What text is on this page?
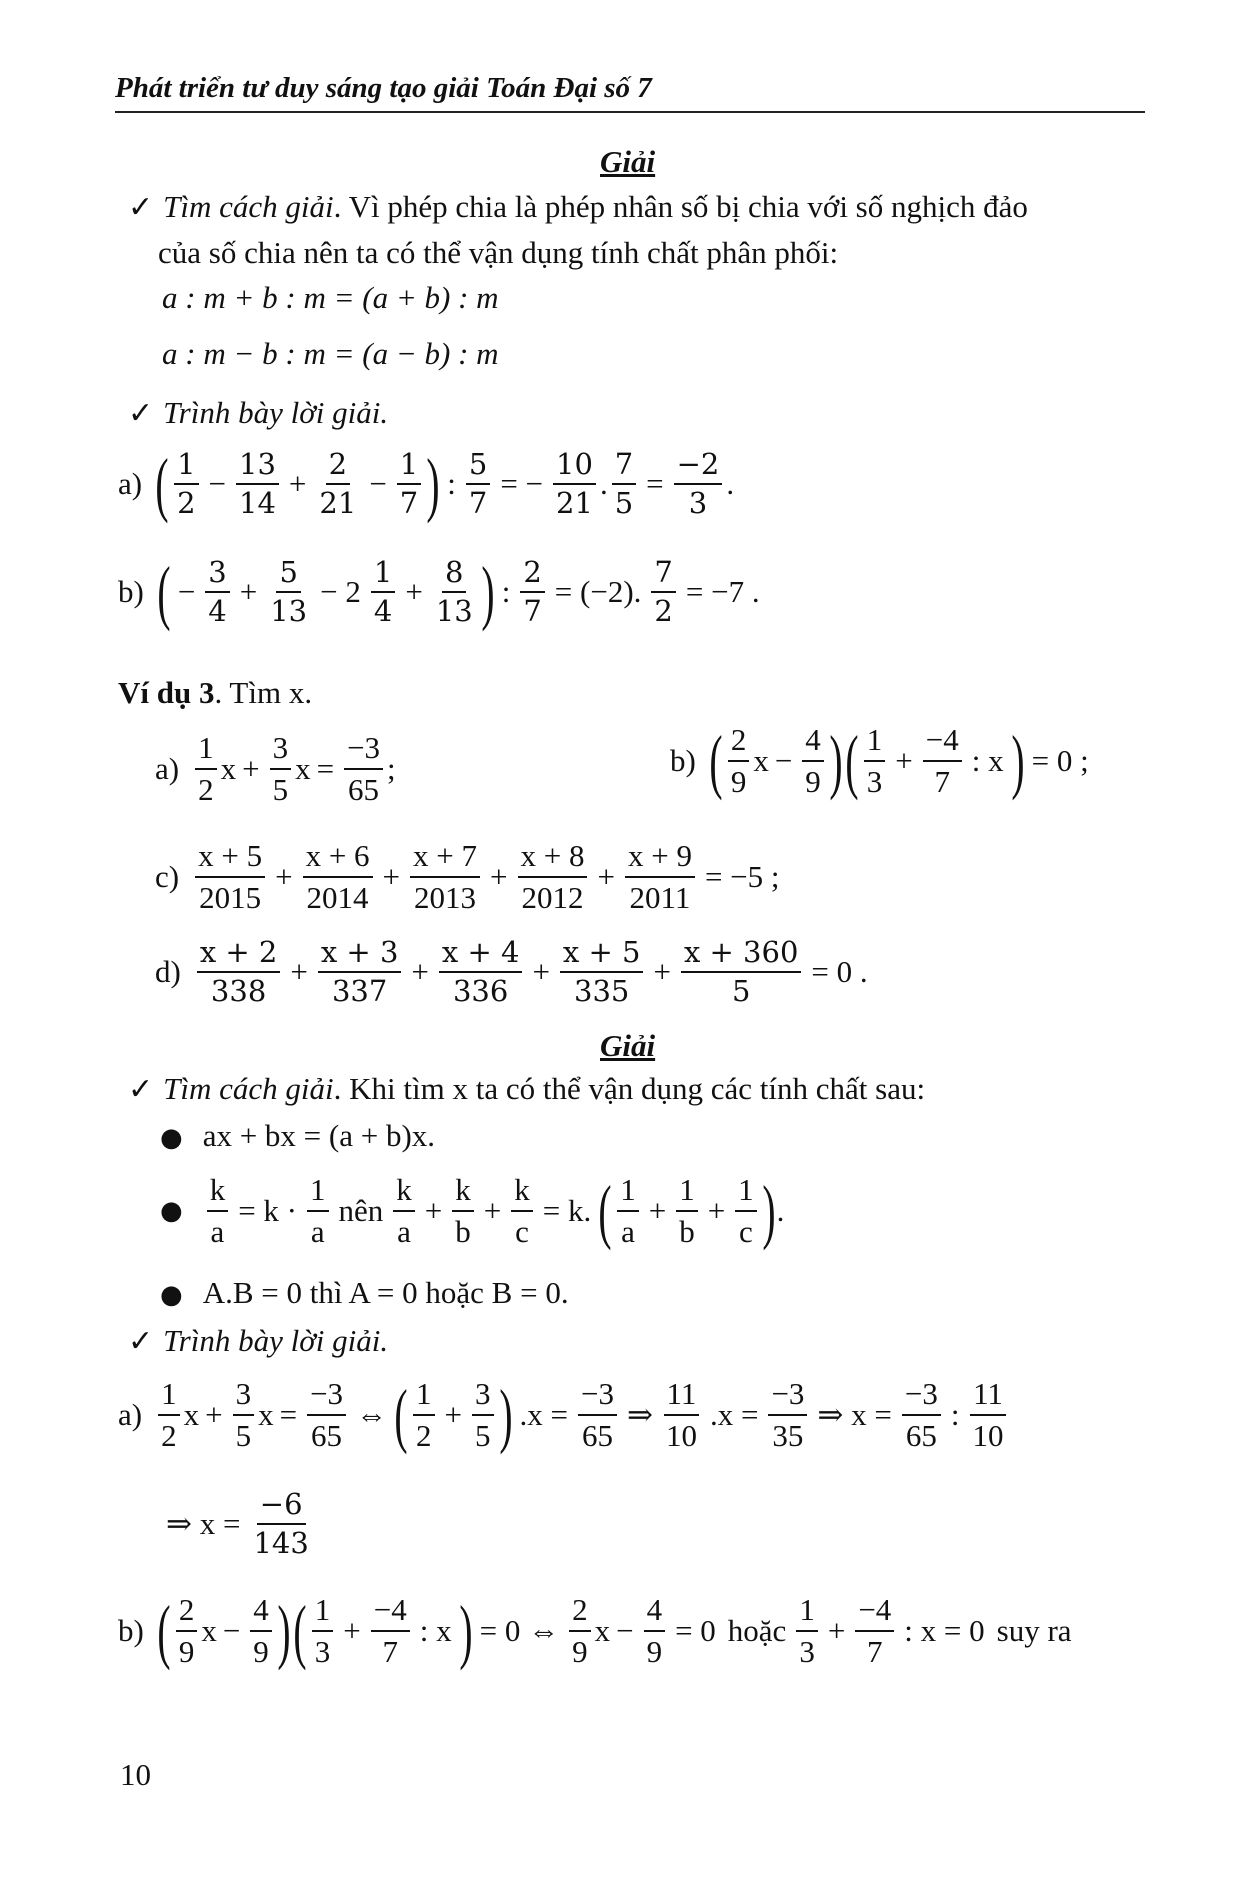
Phát triển tư duy sáng tạo giải Toán Đại số 7
Giải
✓ Tìm cách giải. Vì phép chia là phép nhân số bị chia với số nghịch đảo
của số chia nên ta có thể vận dụng tính chất phân phối:
a : m + b : m = (a + b) : m
a : m − b : m = (a − b) : m
✓ Trình bày lời giải.
a) ( $\frac{1}{2} - \frac{13}{14} + \frac{2}{21} - \frac{1}{7}$ ) : $\frac{5}{7}$ = − $\frac{10}{21}$ . $\frac{7}{5} = \frac{-2}{3}$ .
b) ( − $\frac{3}{4} + \frac{5}{13} - 2 \frac{1}{4} + \frac{8}{13}$ ) : $\frac{2}{7} = (-2)$. $\frac{7}{2} = -7$ .
Ví dụ 3. Tìm x.
$a) \frac{1}{2}$ $x + \frac{3}{5}$ $x = \frac{-3}{65}$ ;	b) ( $\frac{2}{9}$ $x - \frac{4}{9}$ ) ( $\frac{1}{3} + \frac{-4}{7}$ : x ) = 0 ;
$c) \frac{x + 5}{2015} + \frac{x + 6}{2014} + \frac{x + 7}{2013} + \frac{x + 8}{2012} + \frac{x + 9}{2011} = -5$ ;
$d) \frac{x + 2}{338} + \frac{x + 3}{337} + \frac{x + 4}{336} + \frac{x + 5}{335} + \frac{x + 360}{5} = 0$ .
Giải
✓ Tìm cách giải. Khi tìm x ta có thể vận dụng các tính chất sau:
● ax + bx = (a + b)x.
● $\frac{k}{a} = k \cdot \frac{1}{a}$ nên $\frac{k}{a} + \frac{k}{b} + \frac{k}{c} = k$. ( $\frac{1}{a} + \frac{1}{b} + \frac{1}{c}$ ) .
● A.B = 0 thì A = 0 hoặc B = 0.
✓ Trình bày lời giải.
$a) \frac{1}{2}$ $x + \frac{3}{5}$ $x = \frac{-3}{65}$ ⇔ ( $\frac{1}{2} + \frac{3}{5}$ ) $.x = \frac{-3}{65}$ ⇒ $\frac{11}{10} .x = \frac{-3}{35}$ ⇒ $x = \frac{-3}{65}$ : $\frac{11}{10}$
⇒ $x = \frac{-6}{143}$
b) ( $\frac{2}{9}$ $x - \frac{4}{9}$ ) ( $\frac{1}{3} + \frac{-4}{7}$ : x ) = 0 ⇔ $\frac{2}{9}$ $x - \frac{4}{9} = 0$ hoặc $\frac{1}{3} + \frac{-4}{7}$ : x = 0 suy ra
10
